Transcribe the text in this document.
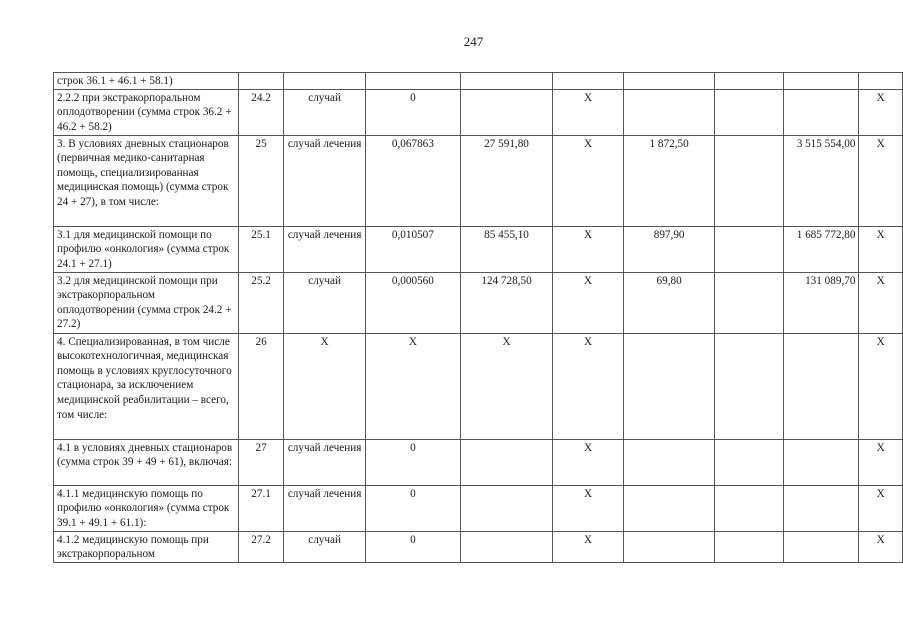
247
строк 36.1 + 46.1 + 58.1)									
2.2.2 при экстракорпоральном оплодотворении (сумма строк 36.2 + 46.2 + 58.2)	24.2	случай	0		Х				Х
3. В условиях дневных стационаров (первичная медико-санитарная помощь, специализированная медицинская помощь) (сумма строк 24 + 27), в том числе:	25	случай лечения	0,067863	27 591,80	Х	1 872,50		3 515 554,00	Х
3.1 для медицинской помощи по профилю «онкология» (сумма строк 24.1 + 27.1)	25.1	случай лечения	0,010507	85 455,10	Х	897,90		1 685 772,80	Х
3.2 для медицинской помощи при экстракорпоральном оплодотворении (сумма строк 24.2 + 27.2)	25.2	случай	0,000560	124 728,50	Х	69,80		131 089,70	Х
4. Специализированная, в том числе высокотехнологичная, медицинская помощь в условиях круглосуточного стационара, за исключением медицинской реабилитации – всего, том числе:	26	Х	Х	Х	Х				Х
4.1 в условиях дневных стационаров (сумма строк 39 + 49 + 61), включая:	27	случай лечения	0		Х				Х
4.1.1 медицинскую помощь по профилю «онкология» (сумма строк 39.1 + 49.1 + 61.1):	27.1	случай лечения	0		Х				Х
4.1.2 медицинскую помощь при экстракорпоральном	27.2	случай	0		Х				Х
